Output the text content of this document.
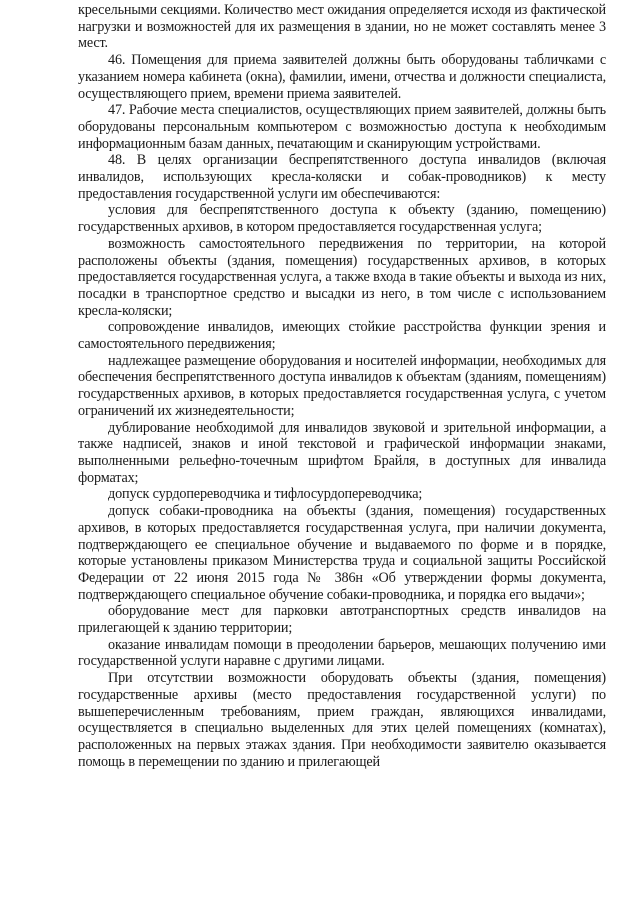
кресельными секциями. Количество мест ожидания определяется исходя из фактической нагрузки и возможностей для их размещения в здании, но не может составлять менее 3 мест.

46. Помещения для приема заявителей должны быть оборудованы табличками с указанием номера кабинета (окна), фамилии, имени, отчества и должности специалиста, осуществляющего прием, времени приема заявителей.

47. Рабочие места специалистов, осуществляющих прием заявителей, должны быть оборудованы персональным компьютером с возможностью доступа к необходимым информационным базам данных, печатающим и сканирующим устройствами.

48. В целях организации беспрепятственного доступа инвалидов (включая инвалидов, использующих кресла-коляски и собак-проводников) к месту предоставления государственной услуги им обеспечиваются:

условия для беспрепятственного доступа к объекту (зданию, помещению) государственных архивов, в котором предоставляется государственная услуга;

возможность самостоятельного передвижения по территории, на которой расположены объекты (здания, помещения) государственных архивов, в которых предоставляется государственная услуга, а также входа в такие объекты и выхода из них, посадки в транспортное средство и высадки из него, в том числе с использованием кресла-коляски;

сопровождение инвалидов, имеющих стойкие расстройства функции зрения и самостоятельного передвижения;

надлежащее размещение оборудования и носителей информации, необходимых для обеспечения беспрепятственного доступа инвалидов к объектам (зданиям, помещениям) государственных архивов, в которых предоставляется государственная услуга, с учетом ограничений их жизнедеятельности;

дублирование необходимой для инвалидов звуковой и зрительной информации, а также надписей, знаков и иной текстовой и графической информации знаками, выполненными рельефно-точечным шрифтом Брайля, в доступных для инвалида форматах;

допуск сурдопереводчика и тифлосурдопереводчика;

допуск собаки-проводника на объекты (здания, помещения) государственных архивов, в которых предоставляется государственная услуга, при наличии документа, подтверждающего ее специальное обучение и выдаваемого по форме и в порядке, которые установлены приказом Министерства труда и социальной защиты Российской Федерации от 22 июня 2015 года № 386н «Об утверждении формы документа, подтверждающего специальное обучение собаки-проводника, и порядка его выдачи»;

оборудование мест для парковки автотранспортных средств инвалидов на прилегающей к зданию территории;

оказание инвалидам помощи в преодолении барьеров, мешающих получению ими государственной услуги наравне с другими лицами.

При отсутствии возможности оборудовать объекты (здания, помещения) государственные архивы (место предоставления государственной услуги) по вышеперечисленным требованиям, прием граждан, являющихся инвалидами, осуществляется в специально выделенных для этих целей помещениях (комнатах), расположенных на первых этажах здания. При необходимости заявителю оказывается помощь в перемещении по зданию и прилегающей
